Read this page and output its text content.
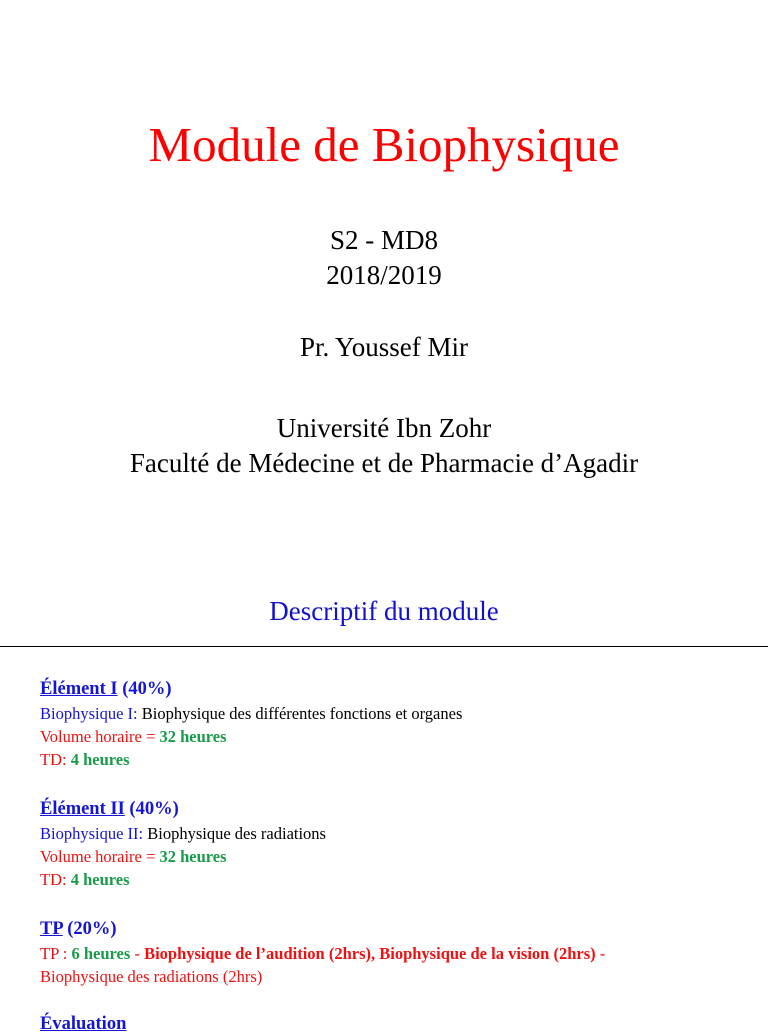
Module de Biophysique
S2 - MD8
2018/2019
Pr. Youssef Mir
Université Ibn Zohr
Faculté de Médecine et de Pharmacie d’Agadir
Descriptif du module
Élément I (40%)
Biophysique I: Biophysique des différentes fonctions et organes
Volume horaire = 32 heures
TD: 4 heures
Élément II (40%)
Biophysique II: Biophysique des radiations
Volume horaire = 32 heures
TD: 4 heures
TP (20%)
TP : 6 heures - Biophysique de l’audition (2hrs), Biophysique de la vision (2hrs) -
Biophysique des radiations (2hrs)
Évaluation
